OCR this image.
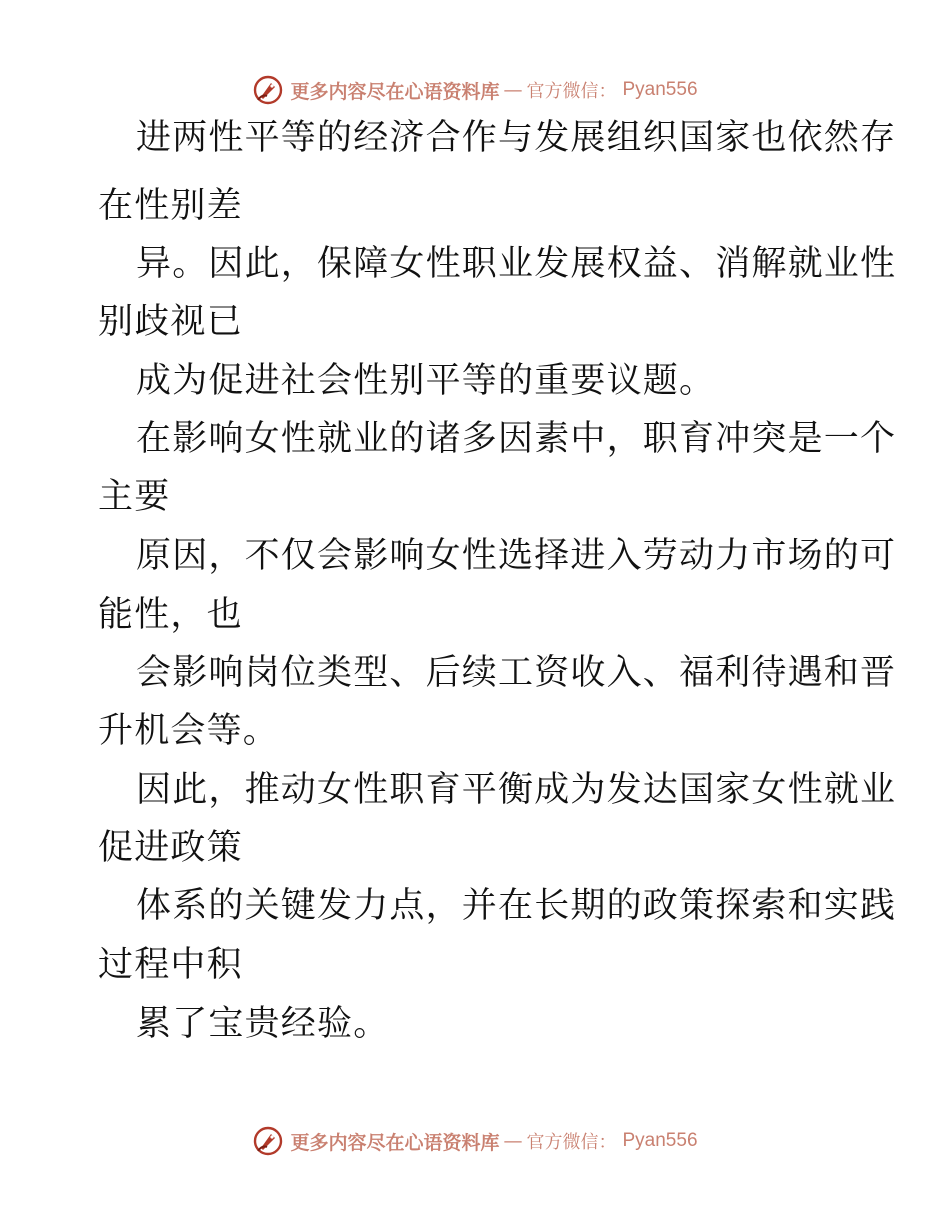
更多内容尽在心语资料库 — 官方微信： Pyan556
进两性平等的经济合作与发展组织国家也依然存
在性别差
异。因此，保障女性职业发展权益、消解就业性
别歧视已
成为促进社会性别平等的重要议题。
在影响女性就业的诸多因素中，职育冲突是一个
主要
原因，不仅会影响女性选择进入劳动力市场的可
能性，也
会影响岗位类型、后续工资收入、福利待遇和晋
升机会等。
因此，推动女性职育平衡成为发达国家女性就业
促进政策
体系的关键发力点，并在长期的政策探索和实践
过程中积
累了宝贵经验。
更多内容尽在心语资料库 — 官方微信： Pyan556
